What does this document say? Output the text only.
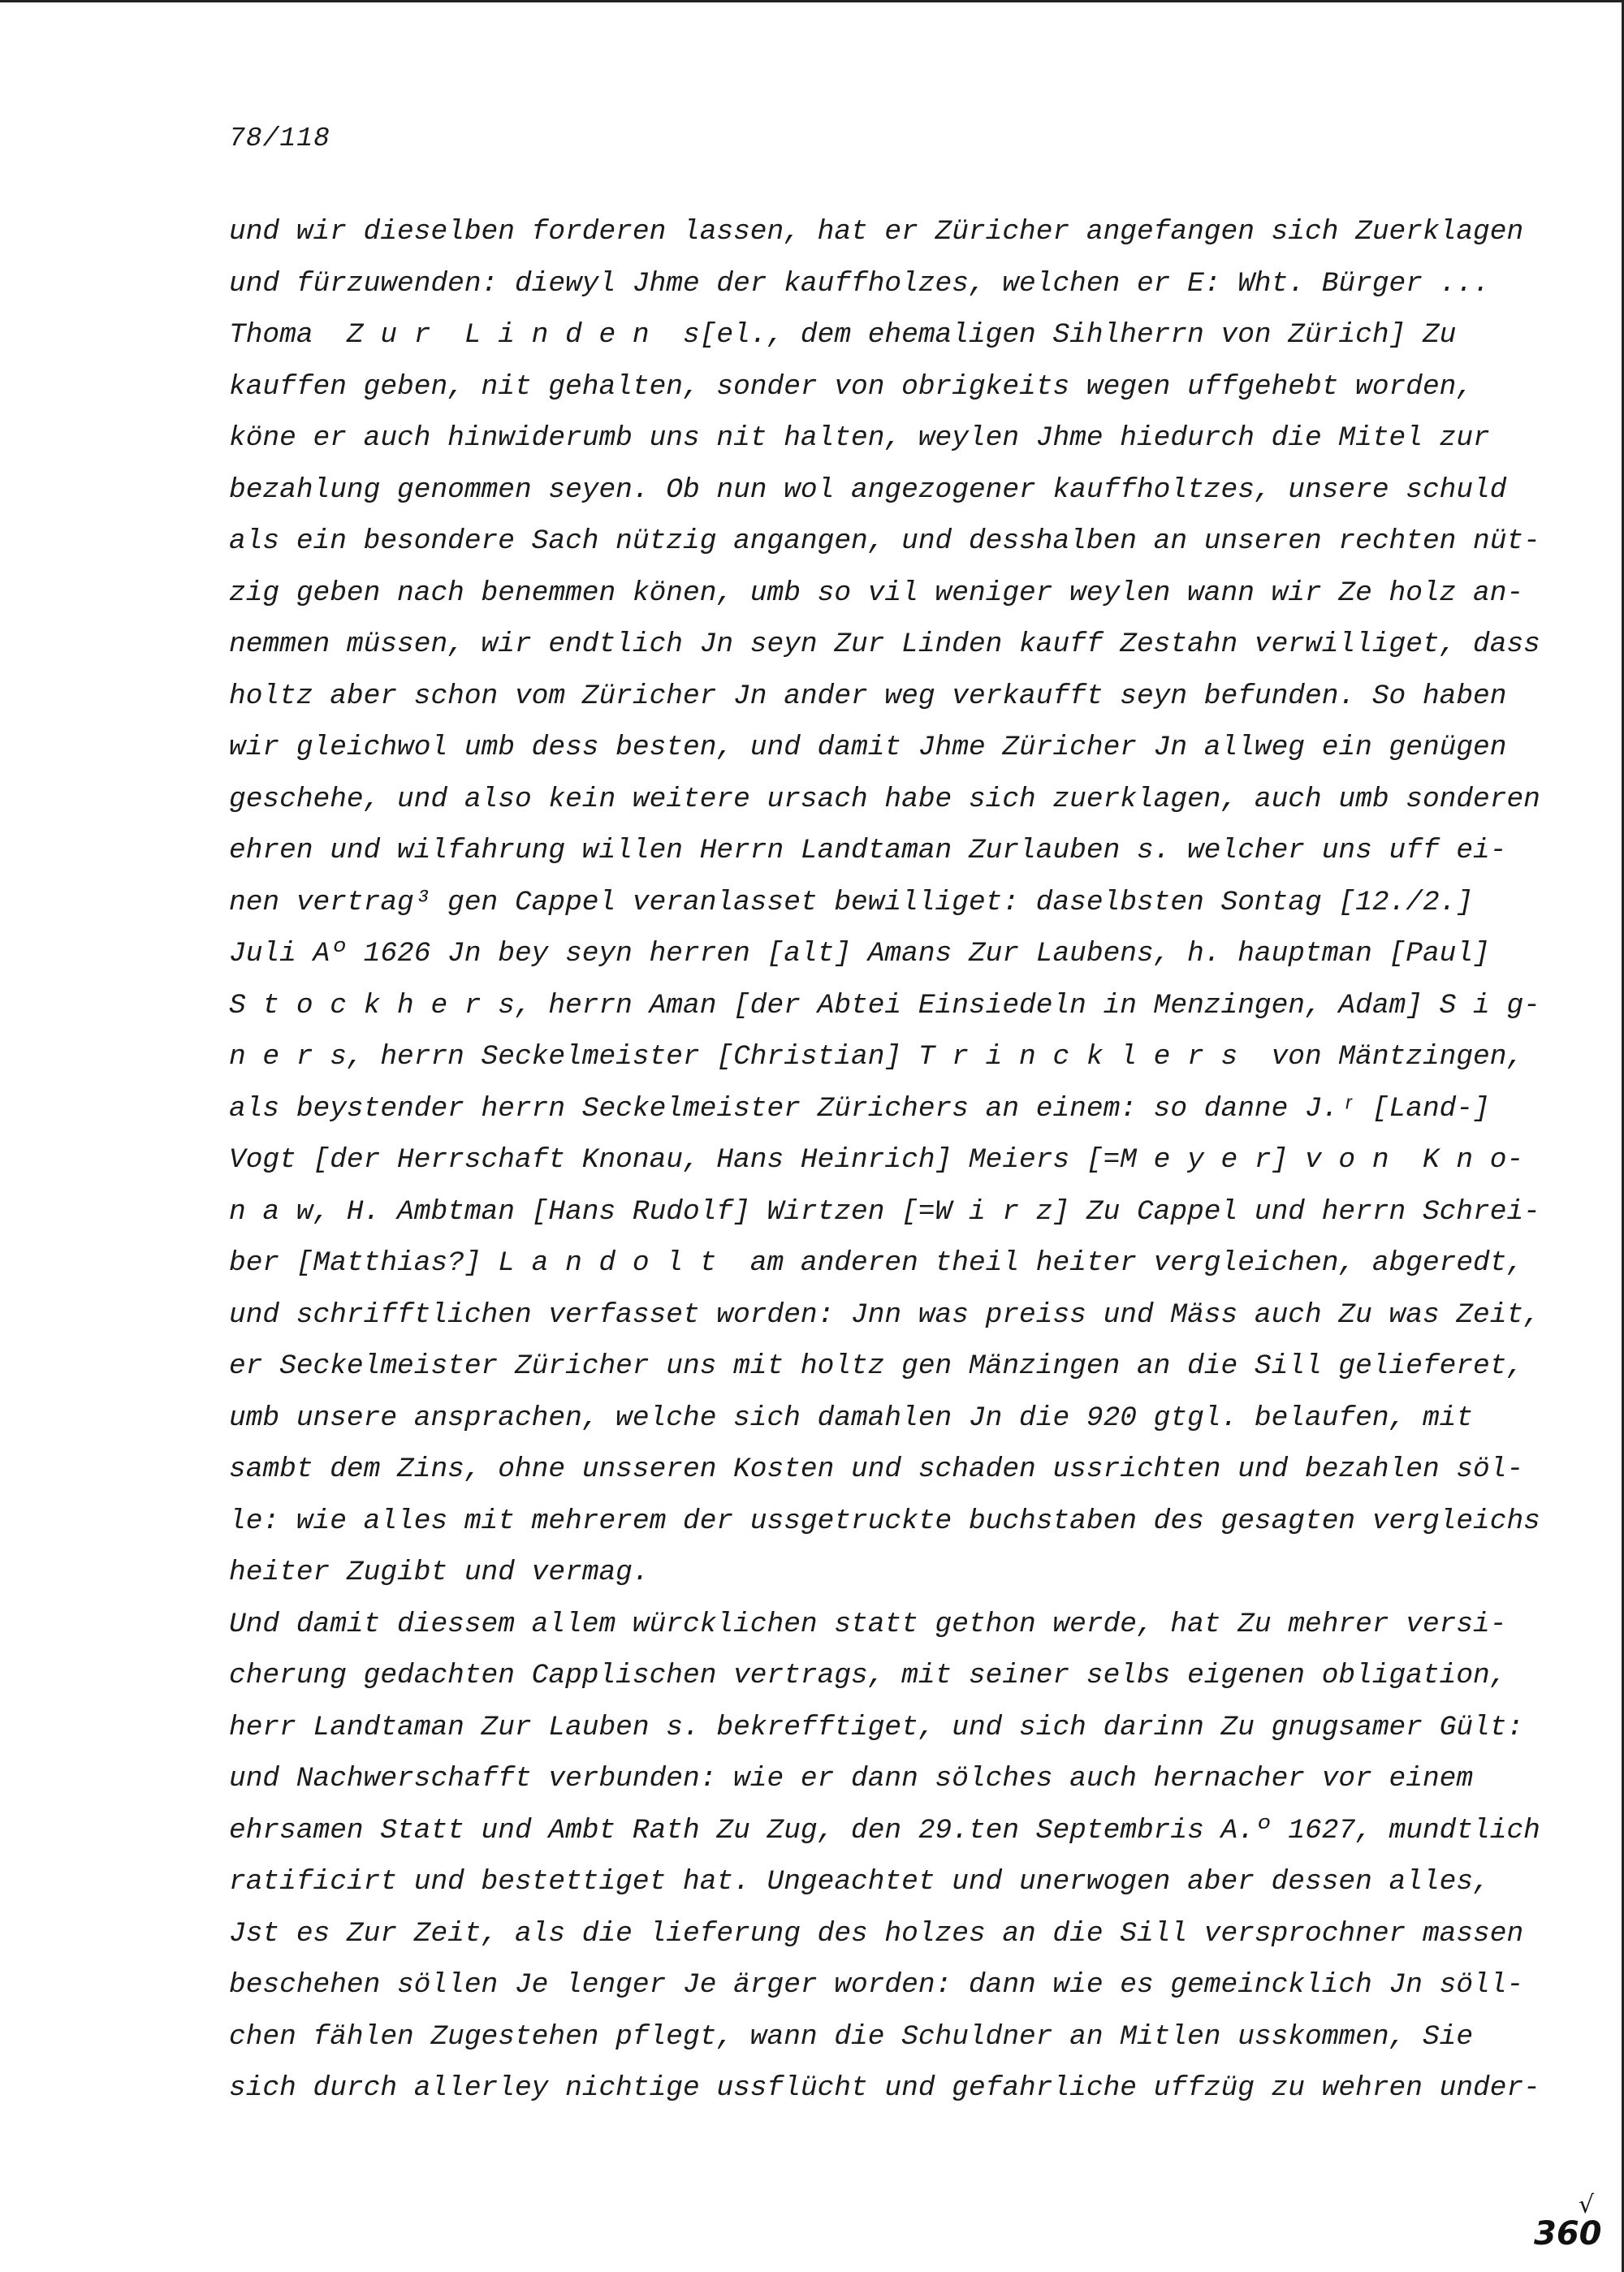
78/118
und wir dieselben forderen lassen, hat er Züricher angefangen sich Zuerklagen
und fürzuwenden: diewyl Jhme der kauffholzes, welchen er E: Wht. Bürger ...
Thoma  Z u r  L i n d e n  s[el., dem ehemaligen Sihlherrn von Zürich] Zu
kauffen geben, nit gehalten, sonder von obrigkeits wegen uffgehebt worden,
köne er auch hinwiderumb uns nit halten, weylen Jhme hiedurch die Mitel zur
bezahlung genommen seyen. Ob nun wol angezogener kauffholtzes, unsere schuld
als ein besondere Sach nützig angangen, und desshalben an unseren rechten nüt-
zig geben nach benemmen könen, umb so vil weniger weylen wann wir Ze holz an-
nemmen müssen, wir endtlich Jn seyn Zur Linden kauff Zestahn verwilliget, dass
holtz aber schon vom Züricher Jn ander weg verkaufft seyn befunden. So haben
wir gleichwol umb dess besten, und damit Jhme Züricher Jn allweg ein genügen
geschehe, und also kein weitere ursach habe sich zuerklagen, auch umb sonderen
ehren und wilfahrung willen Herrn Landtaman Zurlauben s. welcher uns uff ei-
nen vertrag³ gen Cappel veranlasset bewilliget: daselbsten Sontag [12./2.]
Juli Aº 1626 Jn bey seyn herren [alt] Amans Zur Laubens, h. hauptman [Paul]
S t o c k h e r s, herrn Aman [der Abtei Einsiedeln in Menzingen, Adam] S i g-
n e r s, herrn Seckelmeister [Christian] T r i n c k l e r s  von Mäntzingen,
als beystender herrn Seckelmeister Zürichers an einem: so danne J.ʳ [Land-]
Vogt [der Herrschaft Knonau, Hans Heinrich] Meiers [=M e y e r] v o n  K n o-
n a w, H. Ambtman [Hans Rudolf] Wirtzen [=W i r z] Zu Cappel und herrn Schrei-
ber [Matthias?] L a n d o l t  am anderen theil heiter vergleichen, abgeredt,
und schrifftlichen verfasset worden: Jnn was preiss und Mäss auch Zu was Zeit,
er Seckelmeister Züricher uns mit holtz gen Mänzingen an die Sill gelieferet,
umb unsere ansprachen, welche sich damahlen Jn die 920 gtgl. belaufen, mit
sambt dem Zins, ohne unsseren Kosten und schaden ussrichten und bezahlen söl-
le: wie alles mit mehrerem der ussgetruckte buchstaben des gesagten vergleichs
heiter Zugibt und vermag.
Und damit diessem allem würcklichen statt gethon werde, hat Zu mehrer versi-
cherung gedachten Capplischen vertrags, mit seiner selbs eigenen obligation,
herr Landtaman Zur Lauben s. bekrefftiget, und sich darinn Zu gnugsamer Gült:
und Nachwerschafft verbunden: wie er dann sölches auch hernacher vor einem
ehrsamen Statt und Ambt Rath Zu Zug, den 29.ten Septembris A.º 1627, mundtlich
ratificirt und bestettiget hat. Ungeachtet und unerwogen aber dessen alles,
Jst es Zur Zeit, als die lieferung des holzes an die Sill versprochner massen
beschehen söllen Je lenger Je ärger worden: dann wie es gemeincklich Jn söll-
chen fählen Zugestehen pflegt, wann die Schuldner an Mitlen usskommen, Sie
sich durch allerley nichtige ussflücht und gefahrliche uffzüg zu wehren under-
√
360
